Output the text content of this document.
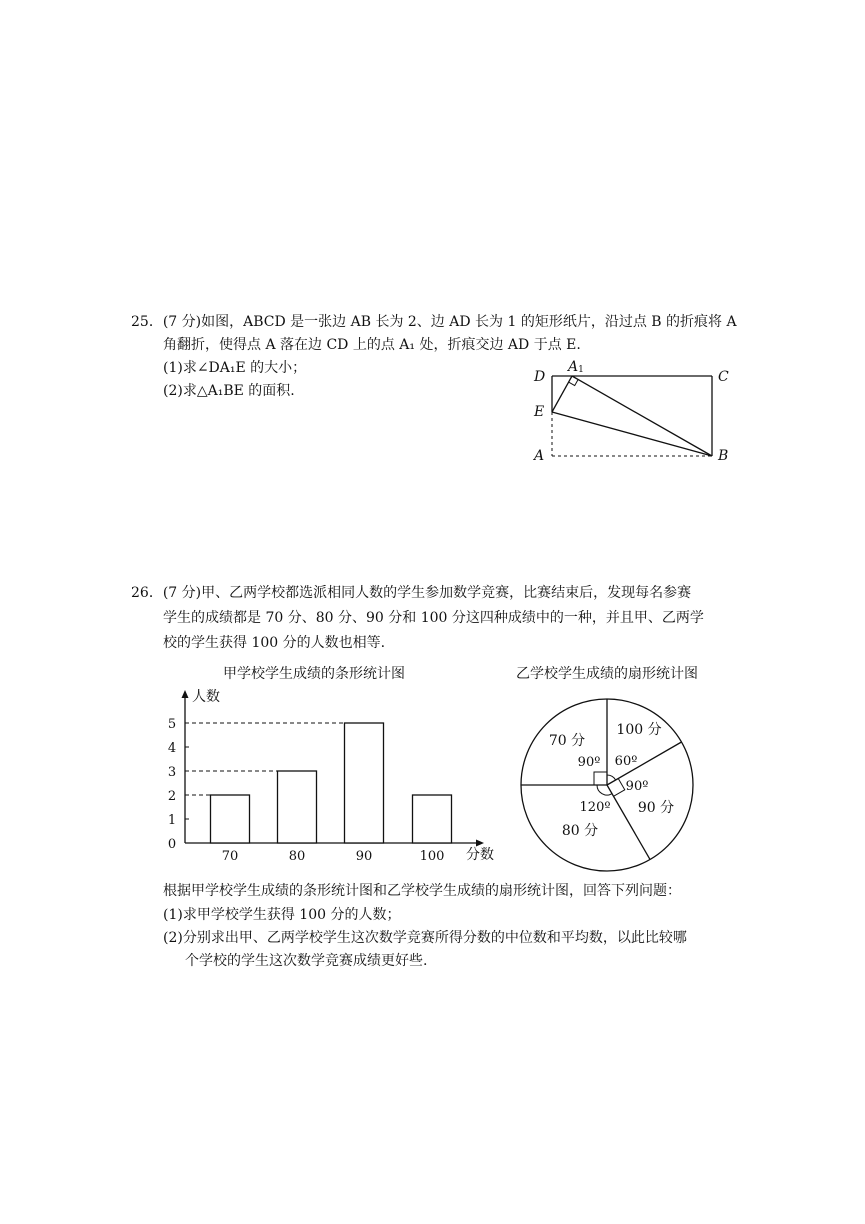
25．(7 分)如图，ABCD 是一张边 AB 长为 2、边 AD 长为 1 的矩形纸片，沿过点 B 的折痕将 A
角翻折，使得点 A 落在边 CD 上的点 A₁ 处，折痕交边 AD 于点 E.
(1)求∠DA₁E 的大小；
(2)求△A₁BE 的面积.
D
A1	C
E
A	B
26．(7 分)甲、乙两学校都选派相同人数的学生参加数学竞赛，比赛结束后，发现每名参赛
学生的成绩都是 70 分、80 分、90 分和 100 分这四种成绩中的一种，并且甲、乙两学
校的学生获得 100 分的人数也相等.
甲学校学生成绩的条形统计图
人数
分数
0
1
2
3
4
5
70	80	90	100
乙学校学生成绩的扇形统计图
100 分
60º
90 分
90º
80 分
120º
70 分
90º
根据甲学校学生成绩的条形统计图和乙学校学生成绩的扇形统计图，回答下列问题：
(1)求甲学校学生获得 100 分的人数；
(2)分别求出甲、乙两学校学生这次数学竞赛所得分数的中位数和平均数，以此比较哪
个学校的学生这次数学竞赛成绩更好些.
